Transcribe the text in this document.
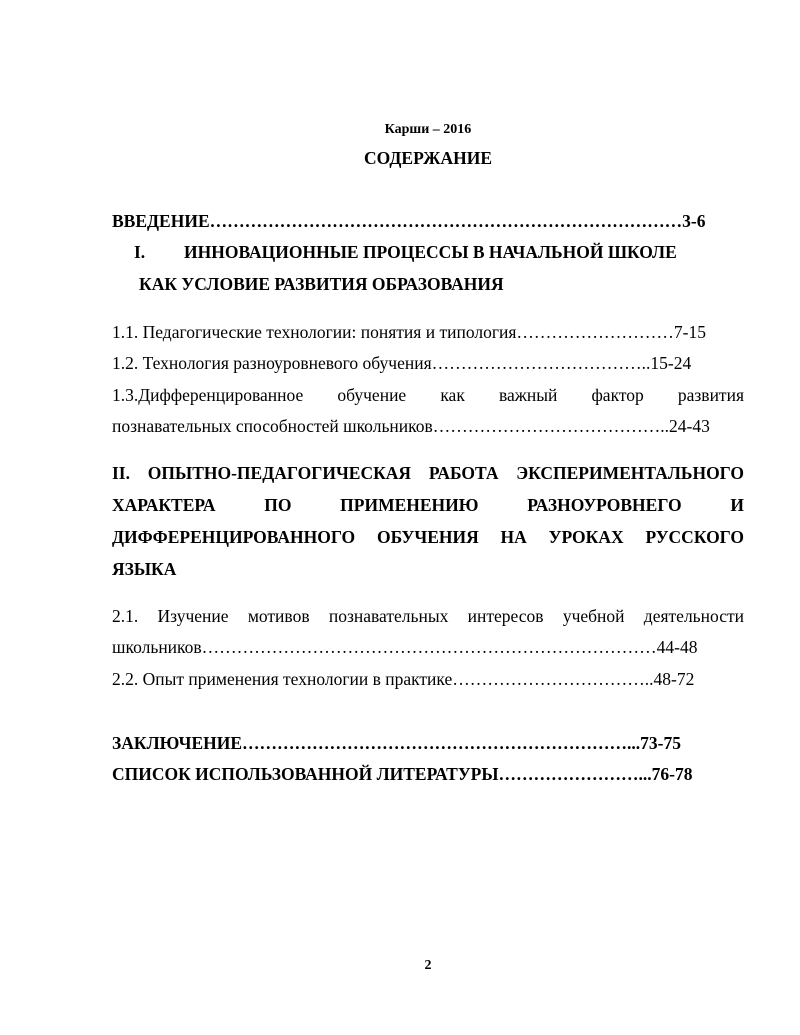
Карши – 2016
СОДЕРЖАНИЕ
ВВЕДЕНИЕ………………………………………………………………………3-6
I.	ИННОВАЦИОННЫЕ ПРОЦЕССЫ В НАЧАЛЬНОЙ ШКОЛЕ
КАК УСЛОВИЕ РАЗВИТИЯ ОБРАЗОВАНИЯ
1.1. Педагогические технологии: понятия и типология………………………7-15
1.2. Технология разноуровневого обучения………………………………..15-24
1.3.Дифференцированное обучение как важный фактор развития
познавательных способностей школьников…………………………………..24-43
II. ОПЫТНО-ПЕДАГОГИЧЕСКАЯ РАБОТА ЭКСПЕРИМЕНТАЛЬНОГО
ХАРАКТЕРА ПО ПРИМЕНЕНИЮ РАЗНОУРОВНЕГО И
ДИФФЕРЕНЦИРОВАННОГО ОБУЧЕНИЯ НА УРОКАХ РУССКОГО
ЯЗЫКА
2.1. Изучение мотивов познавательных интересов учебной деятельности
школьников……………………………………………………………………44-48
2.2. Опыт применения технологии в практике……………………………..48-72
ЗАКЛЮЧЕНИЕ…………………………………………………………...73-75
СПИСОК ИСПОЛЬЗОВАННОЙ ЛИТЕРАТУРЫ……………………...76-78
2
